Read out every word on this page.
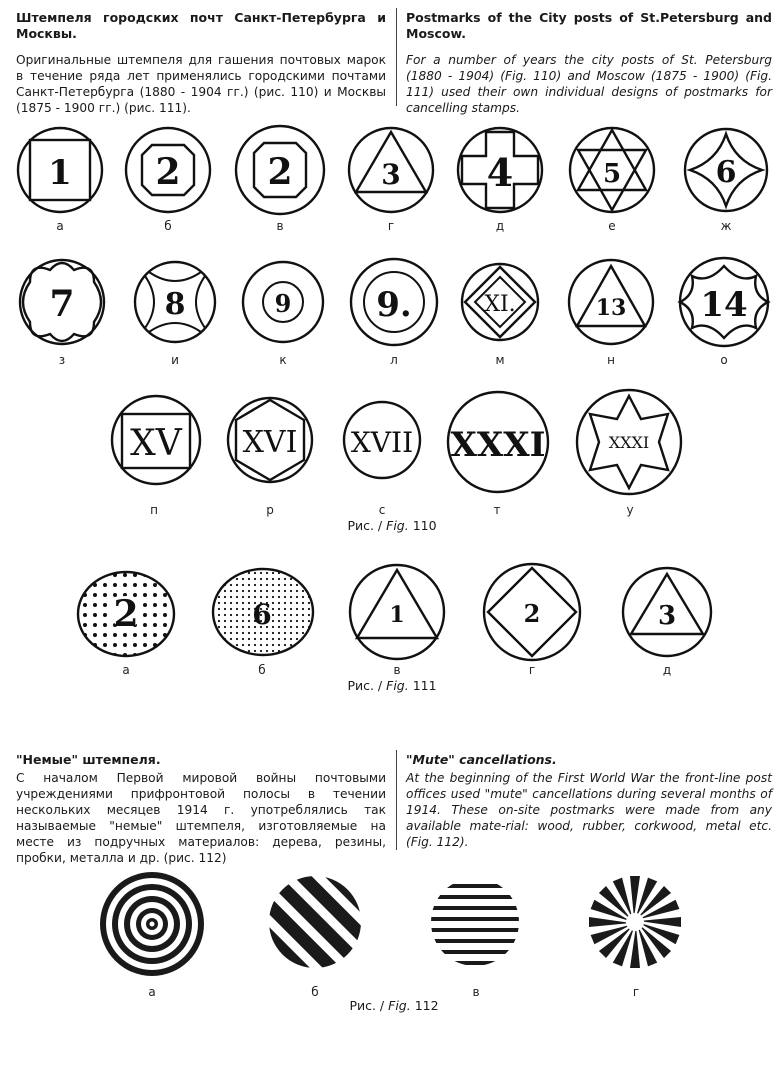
Штемпеля городских почт Санкт-Петербурга и Москвы.

Оригинальные штемпеля для гашения почтовых марок в течение ряда лет применялись городскими почтами Санкт-Петербурга (1880 - 1904 гг.) (рис. 110) и Москвы (1875 - 1900 гг.) (рис. 111).

Postmarks of the City posts of St.Petersburg and Moscow.

For a number of years the city posts of St. Petersburg (1880 - 1904) (Fig. 110) and Moscow (1875 - 1900) (Fig. 111) used their own individual designs of postmarks for cancelling stamps.

1
а
2
б
2
в
3
г
4
д
5
е
6
ж
7
з
8
и
9
к
9.
л
XI.
м
13
н
14
о
XV
п
XVI
р
XVII
с
XXXI
т
XXXI
у
Рис. / Fig. 110
2
а
6
б
1
в
2
г
3
д
Рис. / Fig. 111
"Немые" штемпеля.

С началом Первой мировой войны почтовыми учреждениями прифронтовой полосы в течении нескольких месяцев 1914 г. употреблялись так называемые "немые" штемпеля, изготовляемые на месте из подручных материалов: дерева, резины, пробки, металла и др. (рис. 112)

"Mute" cancellations.

At the beginning of the First World War the front-line post offices used "mute" cancellations during several months of 1914. These on-site postmarks were made from any available mate-rial: wood, rubber, corkwood, metal etc. (Fig. 112).

а	б	в	г
Рис. / Fig. 112
